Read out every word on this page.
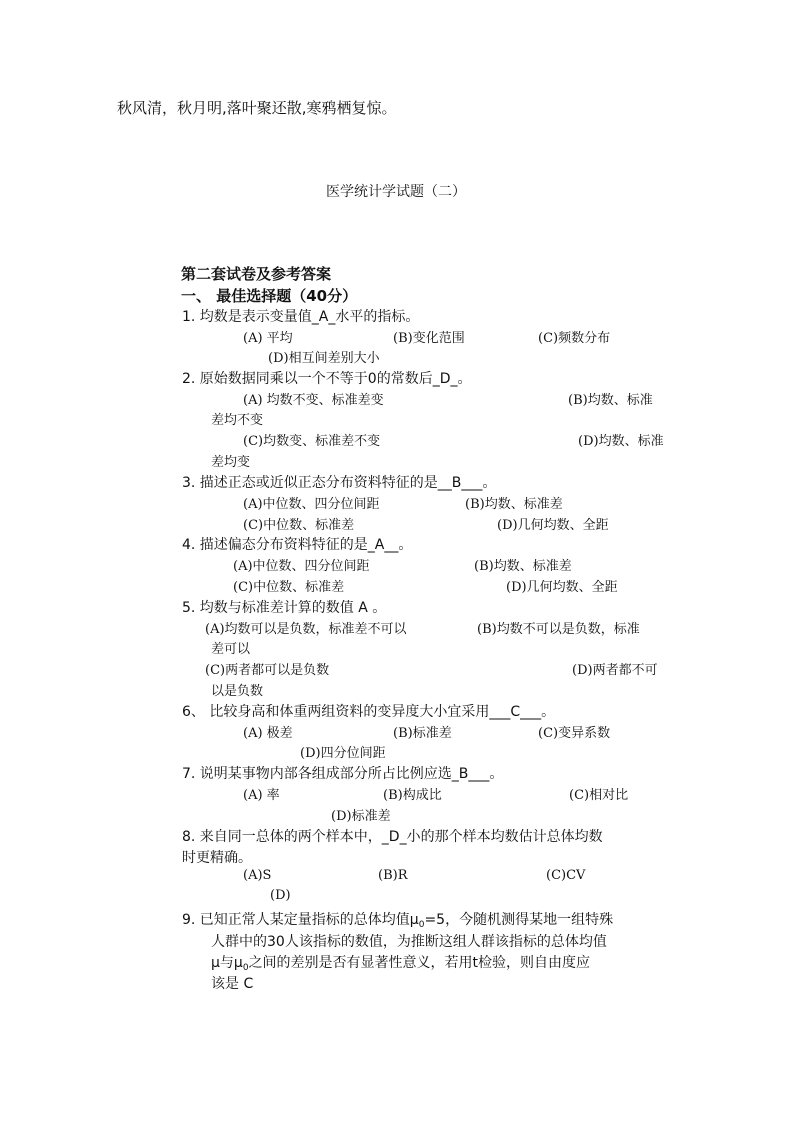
秋风清，秋月明,落叶聚还散,寒鸦栖复惊。
医学统计学试题（二）
第二套试卷及参考答案
一、 最佳选择题（40分）
1. 均数是表示变量值_A_水平的指标。
(A) 平均	(B)变化范围	(C)频数分布
(D)相互间差别大小
2. 原始数据同乘以一个不等于0的常数后_D_。
(A) 均数不变、标准差变	(B)均数、标准
差均不变
(C)均数变、标准差不变	(D)均数、标准
差均变
3. 描述正态或近似正态分布资料特征的是__B___。
(A)中位数、四分位间距	(B)均数、标准差
(C)中位数、标准差	(D)几何均数、全距
4. 描述偏态分布资料特征的是_A__。
(A)中位数、四分位间距	(B)均数、标准差
(C)中位数、标准差	(D)几何均数、全距
5. 均数与标准差计算的数值 A 。
(A)均数可以是负数，标准差不可以	(B)均数不可以是负数，标准
差可以
(C)两者都可以是负数	(D)两者都不可
以是负数
6、 比较身高和体重两组资料的变异度大小宜采用___C___。
(A) 极差	(B)标准差	(C)变异系数
(D)四分位间距
7. 说明某事物内部各组成部分所占比例应选_B___。
(A) 率	(B)构成比	(C)相对比
(D)标准差
8. 来自同一总体的两个样本中，_D_小的那个样本均数估计总体均数
时更精确。
(A)S	(B)R	(C)CV
(D)
9. 已知正常人某定量指标的总体均值$\mu_0=5$，今随机测得某地一组特殊
人群中的30人该指标的数值，为推断这组人群该指标的总体均值
μ与$\mu_0$之间的差别是否有显著性意义，若用t检验，则自由度应
该是 C
